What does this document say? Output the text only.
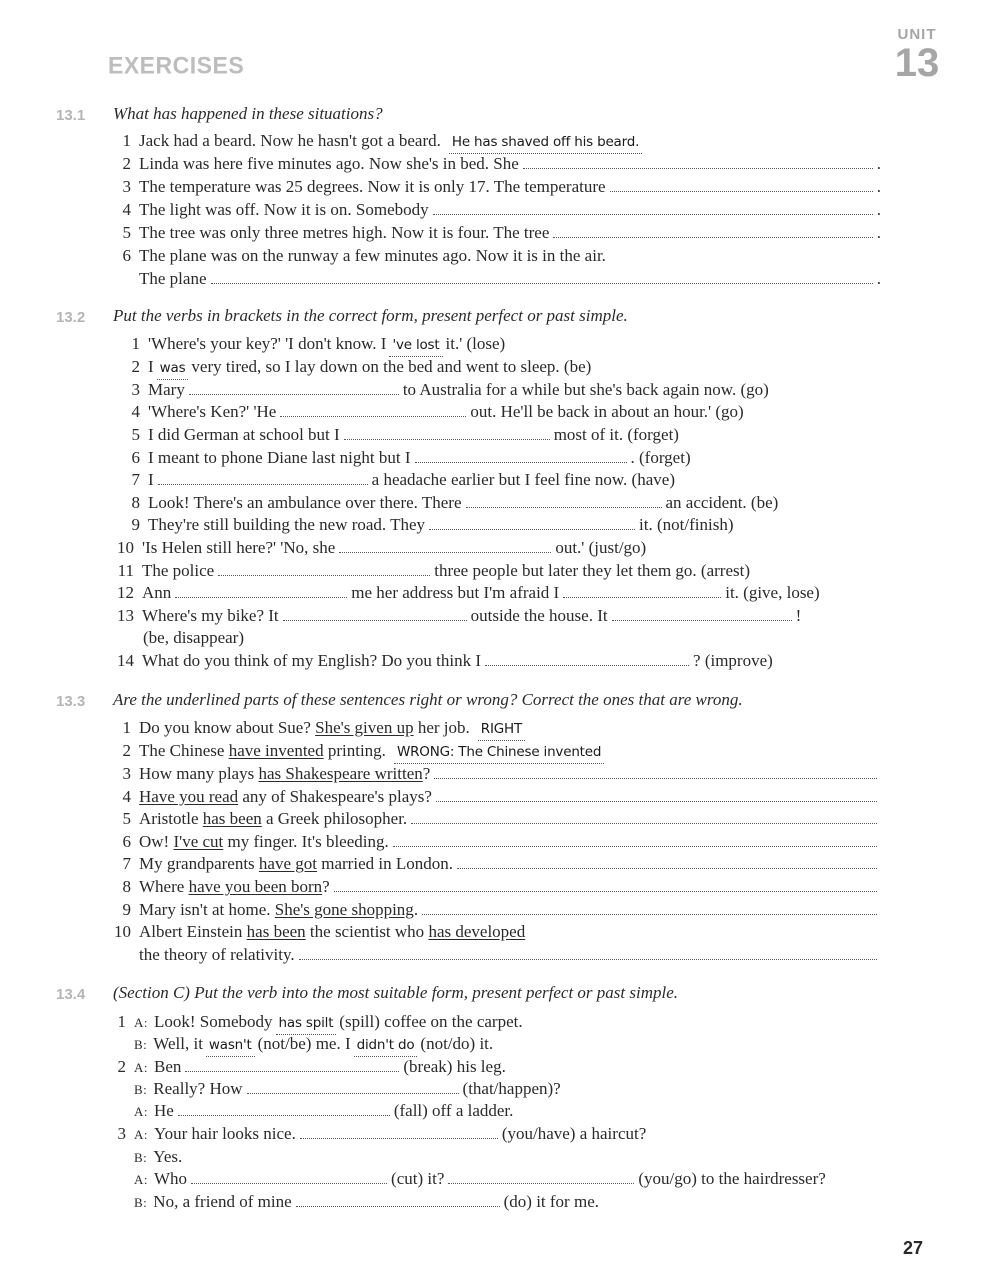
EXERCISES
UNIT
13
13.1 What has happened in these situations?
1 Jack had a beard. Now he hasn't got a beard. He has shaved off his beard.
2 Linda was here five minutes ago. Now she's in bed. She	.
3 The temperature was 25 degrees. Now it is only 17. The temperature	.
4 The light was off. Now it is on. Somebody	.
5 The tree was only three metres high. Now it is four. The tree	.
6 The plane was on the runway a few minutes ago. Now it is in the air.
The plane	.
13.2 Put the verbs in brackets in the correct form, present perfect or past simple.
1 'Where's your key?' 'I don't know. I 've lost it.' (lose)
2 I was very tired, so I lay down on the bed and went to sleep. (be)
3 Mary	to Australia for a while but she's back again now. (go)
4 'Where's Ken?' 'He	out. He'll be back in about an hour.' (go)
5 I did German at school but I	most of it. (forget)
6 I meant to phone Diane last night but I	. (forget)
7 I	a headache earlier but I feel fine now. (have)
8 Look! There's an ambulance over there. There	an accident. (be)
9 They're still building the new road. They	it. (not/finish)
10 'Is Helen still here?' 'No, she	out.' (just/go)
11 The police	three people but later they let them go. (arrest)
12 Ann	me her address but I'm afraid I	it. (give, lose)
13 Where's my bike? It	outside the house. It	!
(be, disappear)
14 What do you think of my English? Do you think I	? (improve)
13.3 Are the underlined parts of these sentences right or wrong? Correct the ones that are wrong.
1 Do you know about Sue?
She's given up
her job. RIGHT
2 The Chinese
have invented
printing. WRONG: The Chinese invented
3 How many plays
has Shakespeare written ?
4 Have you read
any of Shakespeare's plays?
5 Aristotle
has been
a Greek philosopher.
6 Ow!
I've cut
my finger. It's bleeding.
7 My grandparents
have got
married in London.
8 Where
have you been born ?
9 Mary isn't at home.
She's gone shopping .
10 Albert Einstein
has been
the scientist who
has developed
the theory of relativity.
13.4 (Section C) Put the verb into the most suitable form, present perfect or past simple.
1 A: Look! Somebody has spilt (spill) coffee on the carpet.
B: Well, it wasn't (not/be) me. I didn't do (not/do) it.
2 A: Ben	(break) his leg.
B: Really? How	(that/happen)?
A: He	(fall) off a ladder.
3 A: Your hair looks nice.	(you/have) a haircut?
B: Yes.
A: Who	(cut) it?	(you/go) to the hairdresser?
B: No, a friend of mine	(do) it for me.
27
